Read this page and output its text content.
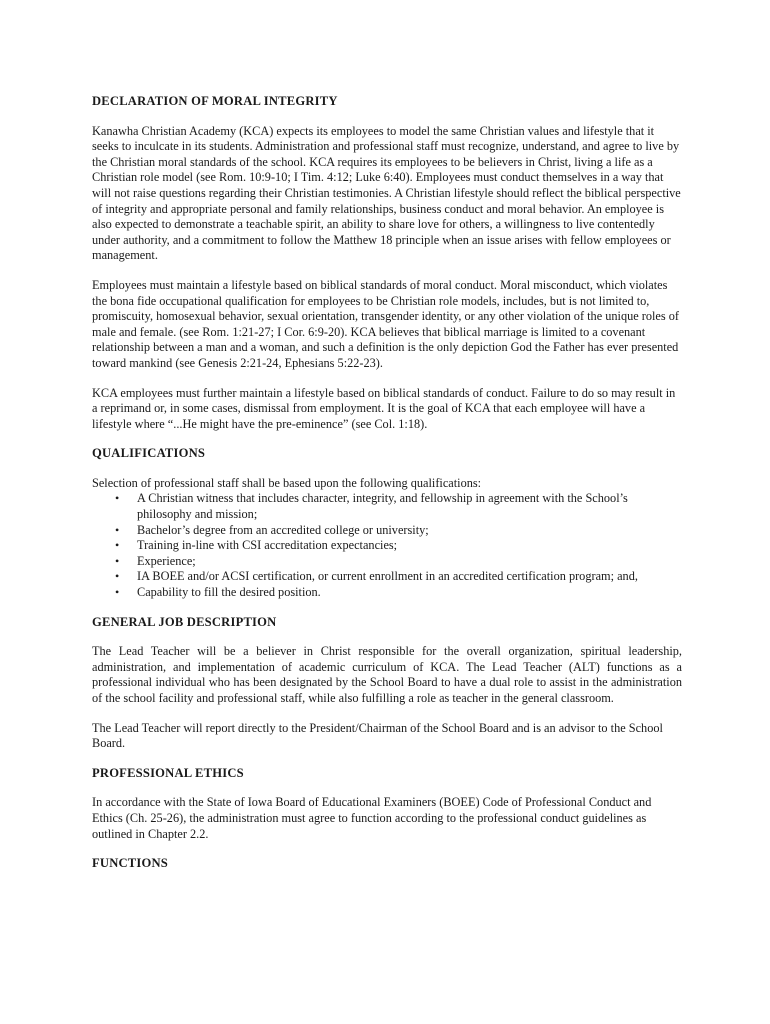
DECLARATION OF MORAL INTEGRITY

Kanawha Christian Academy (KCA) expects its employees to model the same Christian values and lifestyle that it seeks to inculcate in its students. Administration and professional staff must recognize, understand, and agree to live by the Christian moral standards of the school. KCA requires its employees to be believers in Christ, living a life as a Christian role model (see Rom. 10:9-10; I Tim. 4:12; Luke 6:40). Employees must conduct themselves in a way that will not raise questions regarding their Christian testimonies. A Christian lifestyle should reflect the biblical perspective of integrity and appropriate personal and family relationships, business conduct and moral behavior. An employee is also expected to demonstrate a teachable spirit, an ability to share love for others, a willingness to live contentedly under authority, and a commitment to follow the Matthew 18 principle when an issue arises with fellow employees or management.

Employees must maintain a lifestyle based on biblical standards of moral conduct. Moral misconduct, which violates the bona fide occupational qualification for employees to be Christian role models, includes, but is not limited to, promiscuity, homosexual behavior, sexual orientation, transgender identity, or any other violation of the unique roles of male and female. (see Rom. 1:21-27; I Cor. 6:9-20). KCA believes that biblical marriage is limited to a covenant relationship between a man and a woman, and such a definition is the only depiction God the Father has ever presented toward mankind (see Genesis 2:21-24, Ephesians 5:22-23).

KCA employees must further maintain a lifestyle based on biblical standards of conduct. Failure to do so may result in a reprimand or, in some cases, dismissal from employment. It is the goal of KCA that each employee will have a lifestyle where “...He might have the pre-eminence” (see Col. 1:18).

QUALIFICATIONS

Selection of professional staff shall be based upon the following qualifications:

• A Christian witness that includes character, integrity, and fellowship in agreement with the School’s philosophy and mission;
• Bachelor’s degree from an accredited college or university;
• Training in-line with CSI accreditation expectancies;
• Experience;
• IA BOEE and/or ACSI certification, or current enrollment in an accredited certification program; and,
• Capability to fill the desired position.
GENERAL JOB DESCRIPTION

The Lead Teacher will be a believer in Christ responsible for the overall organization, spiritual leadership, administration, and implementation of academic curriculum of KCA. The Lead Teacher (ALT) functions as a professional individual who has been designated by the School Board to have a dual role to assist in the administration of the school facility and professional staff, while also fulfilling a role as teacher in the general classroom.

The Lead Teacher will report directly to the President/Chairman of the School Board and is an advisor to the School Board.

PROFESSIONAL ETHICS

In accordance with the State of Iowa Board of Educational Examiners (BOEE) Code of Professional Conduct and Ethics (Ch. 25-26), the administration must agree to function according to the professional conduct guidelines as outlined in Chapter 2.2.

FUNCTIONS
